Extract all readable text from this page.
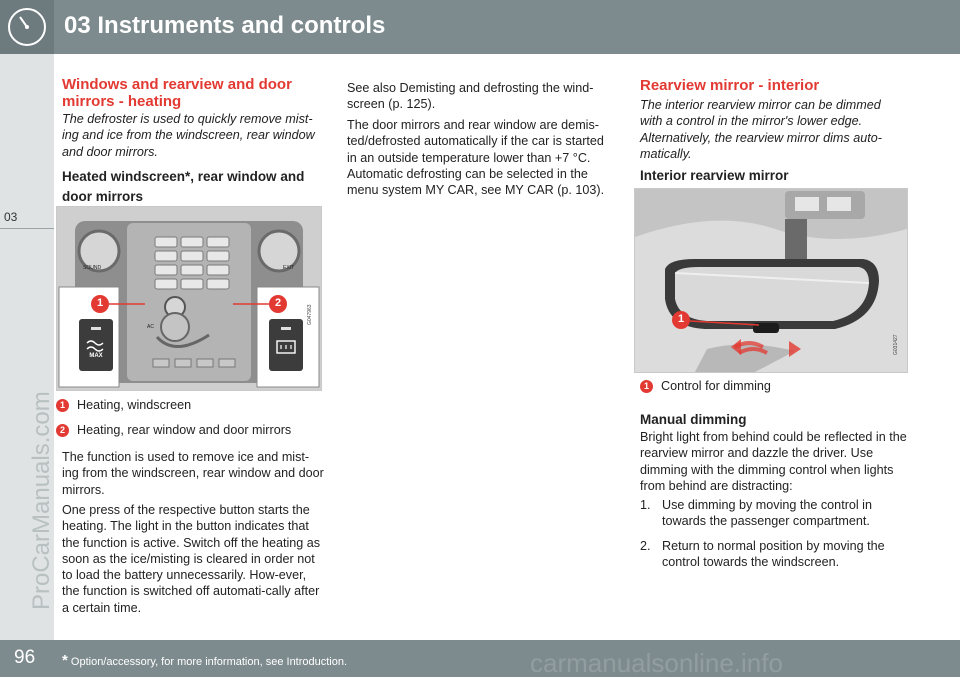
03 Instruments and controls
03
ProCarManuals.com
Windows and rearview and door mirrors - heating

The defroster is used to quickly remove mist-ing and ice from the windscreen, rear window and door mirrors.

Heated windscreen*, rear window and door mirrors
1	2
MAX
SOUND	EXIT
AC
G047963
1 Heating, windscreen
2 Heating, rear window and door mirrors

The function is used to remove ice and mist-ing from the windscreen, rear window and door mirrors.

One press of the respective button starts the heating. The light in the button indicates that the function is active. Switch off the heating as soon as the ice/misting is cleared in order not to load the battery unnecessarily. How-ever, the function is switched off automati-cally after a certain time.

See also Demisting and defrosting the wind-screen (p. 125).

The door mirrors and rear window are demis-ted/defrosted automatically if the car is started in an outside temperature lower than +7 °C. Automatic defrosting can be selected in the menu system MY CAR, see MY CAR (p. 103).

Rearview mirror - interior

The interior rearview mirror can be dimmed with a control in the mirror's lower edge. Alternatively, the rearview mirror dims auto-matically.

Interior rearview mirror
1
G031427
1 Control for dimming
Manual dimming

Bright light from behind could be reflected in the rearview mirror and dazzle the driver. Use dimming with the dimming control when lights from behind are distracting:

1. Use dimming by moving the control in towards the passenger compartment.

2. Return to normal position by moving the control towards the windscreen.

96 * Option/accessory, for more information, see Introduction.	carmanualsonline.info
